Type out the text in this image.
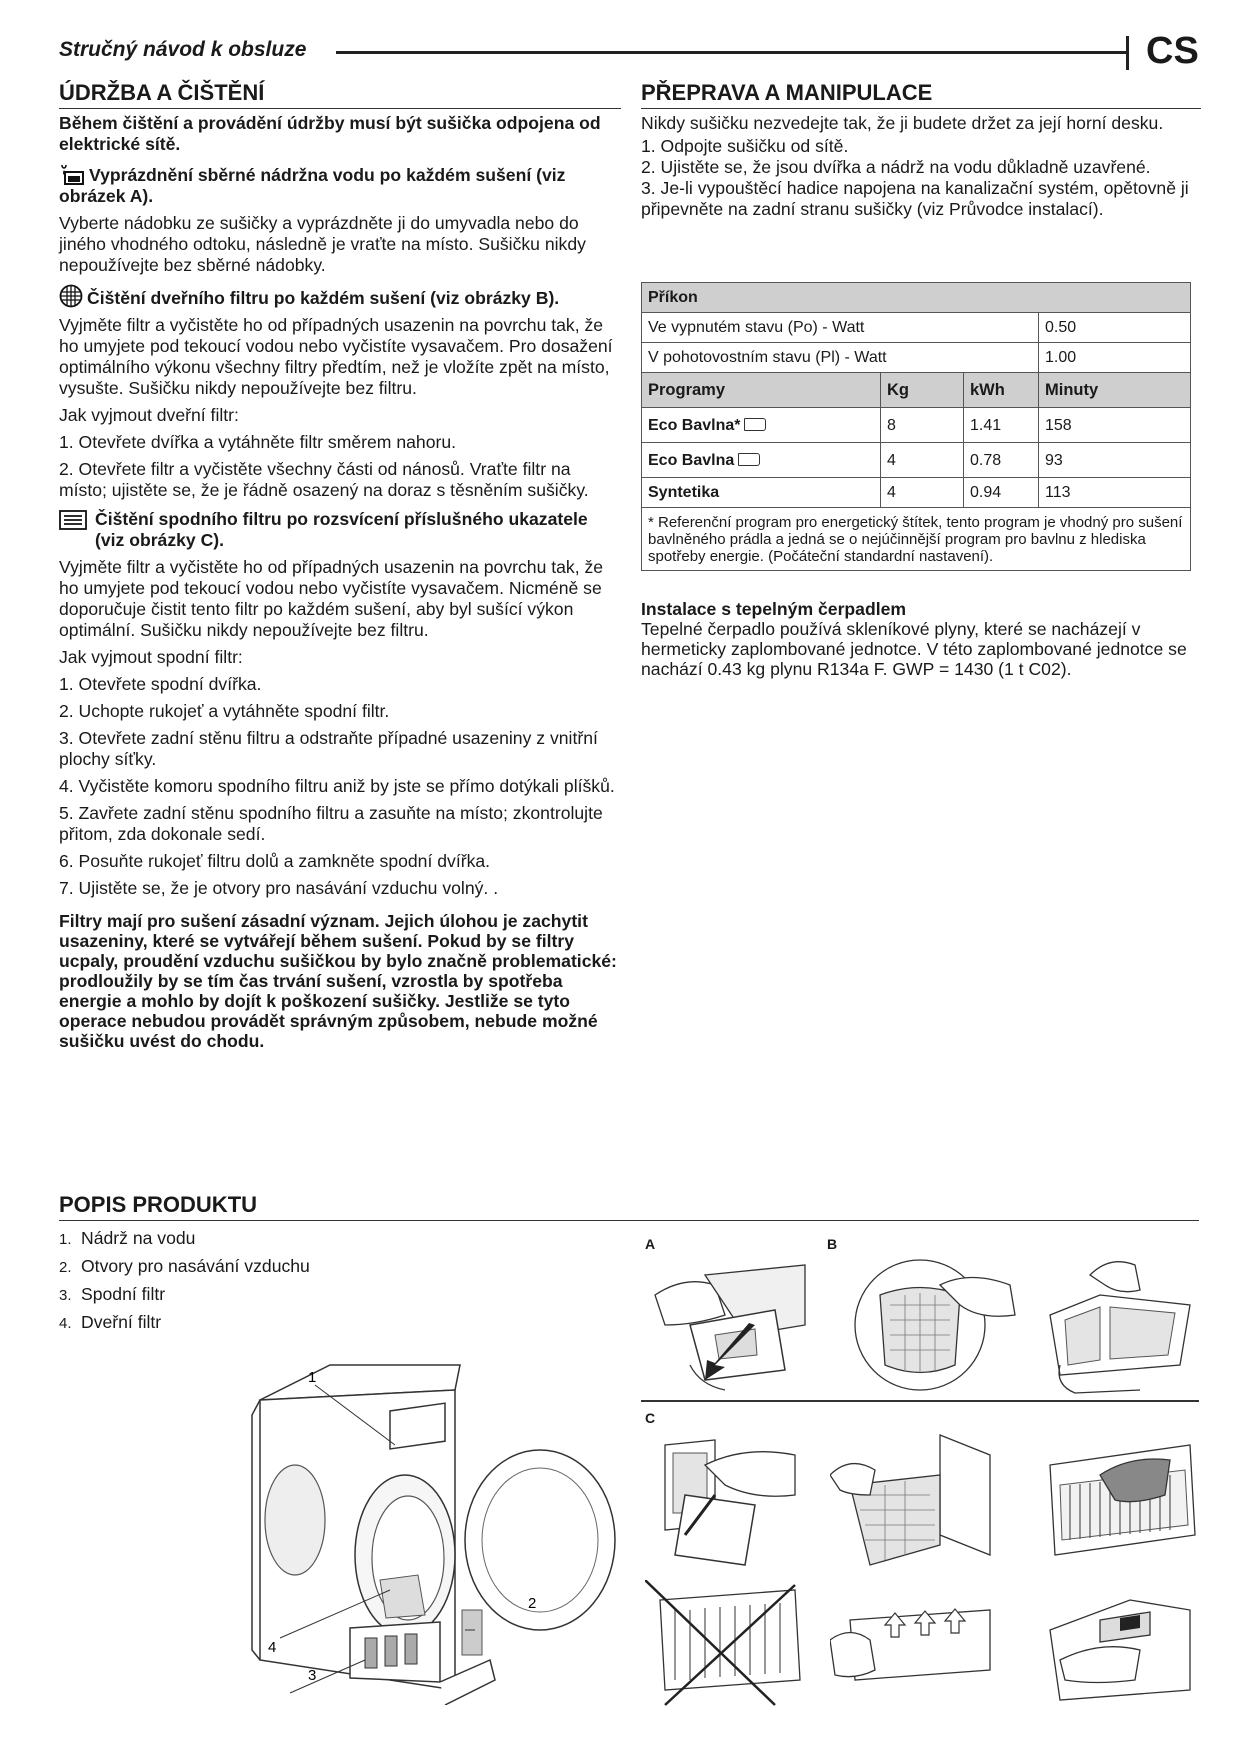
Stručný návod k obsluze	CS
ÚDRŽBA A ČIŠTĚNÍ

Během čištění a provádění údržby musí být sušička odpojena od elektrické sítě.

Vyprázdnění sběrné nádržna vodu po každém sušení (viz obrázek A).

Vyberte nádobku ze sušičky a vyprázdněte ji do umyvadla nebo do jiného vhodného odtoku, následně je vraťte na místo. Sušičku nikdy nepoužívejte bez sběrné nádobky.

Čištění dveřního filtru po každém sušení (viz obrázky B).

Vyjměte filtr a vyčistěte ho od případných usazenin na povrchu tak, že ho umyjete pod tekoucí vodou nebo vyčistíte vysavačem. Pro dosažení optimálního výkonu všechny filtry předtím, než je vložíte zpět na místo, vysušte. Sušičku nikdy nepoužívejte bez filtru.

Jak vyjmout dveřní filtr:

1. Otevřete dvířka a vytáhněte filtr směrem nahoru.
2. Otevřete filtr a vyčistěte všechny části od nánosů. Vraťte filtr na místo; ujistěte se, že je řádně osazený na doraz s těsněním sušičky.
Čištění spodního filtru po rozsvícení příslušného ukazatele (viz obrázky C).

Vyjměte filtr a vyčistěte ho od případných usazenin na povrchu tak, že ho umyjete pod tekoucí vodou nebo vyčistíte vysavačem. Nicméně se doporučuje čistit tento filtr po každém sušení, aby byl sušící výkon optimální. Sušičku nikdy nepoužívejte bez filtru.

Jak vyjmout spodní filtr:

1. Otevřete spodní dvířka.
2. Uchopte rukojeť a vytáhněte spodní filtr.
3. Otevřete zadní stěnu filtru a odstraňte případné usazeniny z vnitřní plochy síťky.
4. Vyčistěte komoru spodního filtru aniž by jste se přímo dotýkali plíšků.
5. Zavřete zadní stěnu spodního filtru a zasuňte na místo; zkontrolujte přitom, zda dokonale sedí.
6. Posuňte rukojeť filtru dolů a zamkněte spodní dvířka.
7. Ujistěte se, že je otvory pro nasávání vzduchu volný. .

Filtry mají pro sušení zásadní význam. Jejich úlohou je zachytit usazeniny, které se vytvářejí během sušení. Pokud by se filtry ucpaly, proudění vzduchu sušičkou by bylo značně problematické: prodloužily by se tím čas trvání sušení, vzrostla by spotřeba energie a mohlo by dojít k poškození sušičky. Jestliže se tyto operace nebudou provádět správným způsobem, nebude možné sušičku uvést do chodu.

PŘEPRAVA A MANIPULACE

Nikdy sušičku nezvedejte tak, že ji budete držet za její horní desku.

1. Odpojte sušičku od sítě.
2. Ujistěte se, že jsou dvířka a nádrž na vodu důkladně uzavřené.
3. Je-li vypouštěcí hadice napojena na kanalizační systém, opětovně ji připevněte na zadní stranu sušičky (viz Průvodce instalací).
Příkon			
Ve vypnutém stavu (Po) - Watt			0.50
V pohotovostním stavu (Pl) - Watt			1.00
Programy	Kg	kWh	Minuty
Eco Bavlna*	8	1.41	158
Eco Bavlna	4	0.78	93
Syntetika	4	0.94	113
* Referenční program pro energetický štítek, tento program je vhodný pro sušení bavlněného prádla a jedná se o nejúčinnější program pro bavlnu z hlediska spotřeby energie. (Počáteční standardní nastavení).			
Instalace s tepelným čerpadlem
Tepelné čerpadlo používá skleníkové plyny, které se nacházejí v hermeticky zaplombované jednotce. V této zaplombované jednotce se nachází 0.43 kg plynu R134a F. GWP = 1430 (1 t C02).
POPIS PRODUKTU
1. Nádrž na vodu
2. Otvory pro nasávání vzduchu
3. Spodní filtr
4. Dveřní filtr
1
2
3
4
A	B
C
